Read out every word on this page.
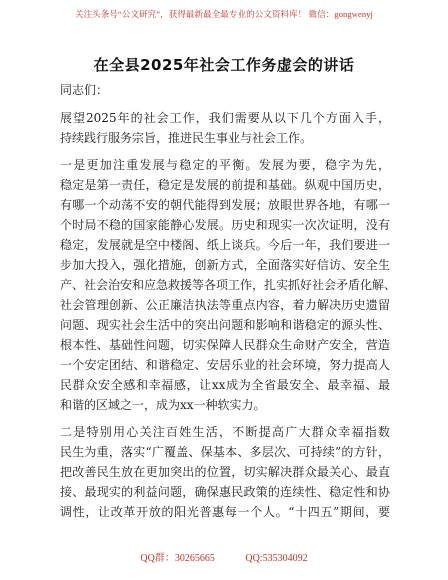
关注头条号“公文研究”，获得最新最全最专业的公文资料库！ 微信：gongwenyj
在全县2025年社会工作务虚会的讲话
同志们：
展望2025年的社会工作，我们需要从以下几个方面入手，
持续践行服务宗旨，推进民生事业与社会工作。
一是更加注重发展与稳定的平衡。发展为要，稳字为先，
稳定是第一责任，稳定是发展的前提和基础。纵观中国历史，
有哪一个动荡不安的朝代能得到发展；放眼世界各地，有哪一
个时局不稳的国家能静心发展。历史和现实一次次证明，没有
稳定，发展就是空中楼阁、纸上谈兵。今后一年，我们要进一
步加大投入，强化措施，创新方式，全面落实好信访、安全生
产、社会治安和应急救援等各项工作，扎实抓好社会矛盾化解、
社会管理创新、公正廉洁执法等重点内容，着力解决历史遗留
问题、现实社会生活中的突出问题和影响和谐稳定的源头性、
根本性、基础性问题，切实保障人民群众生命财产安全，营造
一个安定团结、和谐稳定、安居乐业的社会环境，努力提高人
民群众安全感和幸福感，让xx成为全省最安全、最幸福、最
和谐的区域之一，成为xx一种软实力。
二是特别用心关注百姓生活，不断提高广大群众幸福指数
民生为重，落实“广覆盖、保基本、多层次、可持续”的方针，
把改善民生放在更加突出的位置，切实解决群众最关心、最直
接、最现实的利益问题，确保惠民政策的连续性、稳定性和协
调性，让改革开放的阳光普惠每一个人。“十四五”期间，要
QQ群：30265665	QQ:535304092
